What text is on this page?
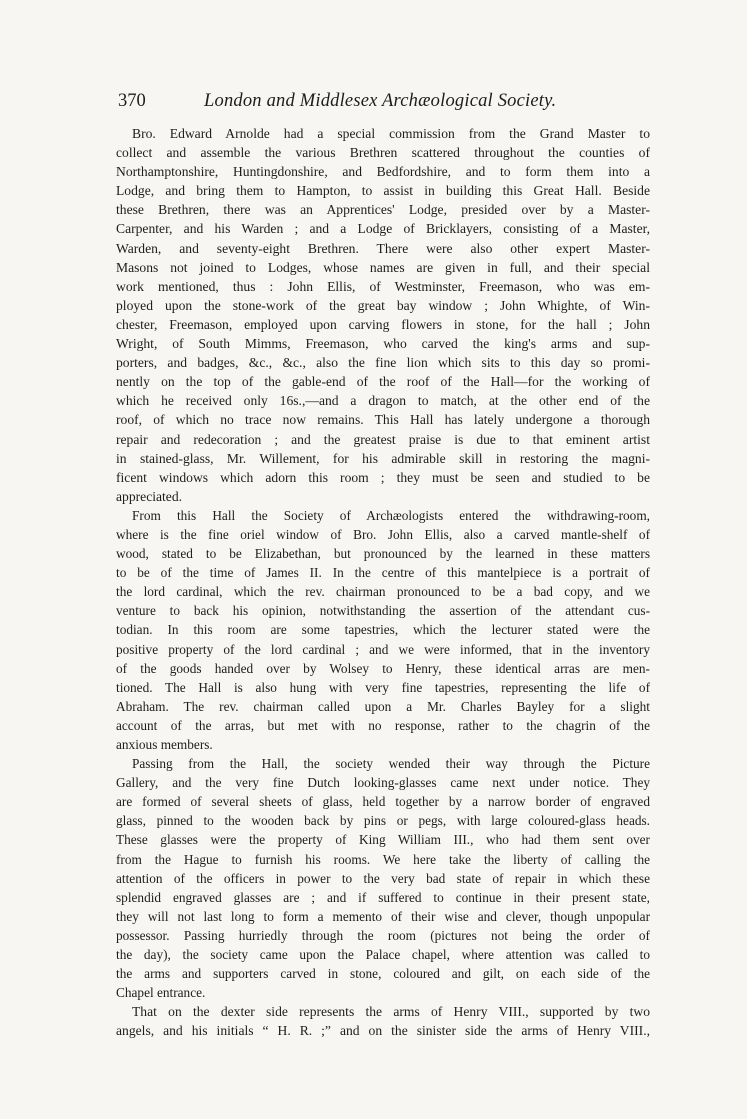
370	London and Middlesex Archæological Society.
Bro. Edward Arnolde had a special commission from the Grand Master to
collect and assemble the various Brethren scattered throughout the counties of
Northamptonshire, Huntingdonshire, and Bedfordshire, and to form them into a
Lodge, and bring them to Hampton, to assist in building this Great Hall. Beside
these Brethren, there was an Apprentices' Lodge, presided over by a Master-
Carpenter, and his Warden ; and a Lodge of Bricklayers, consisting of a Master,
Warden, and seventy-eight Brethren. There were also other expert Master-
Masons not joined to Lodges, whose names are given in full, and their special
work mentioned, thus : John Ellis, of Westminster, Freemason, who was em-
ployed upon the stone-work of the great bay window ; John Whighte, of Win-
chester, Freemason, employed upon carving flowers in stone, for the hall ; John
Wright, of South Mimms, Freemason, who carved the king's arms and sup-
porters, and badges, &c., &c., also the fine lion which sits to this day so promi-
nently on the top of the gable-end of the roof of the Hall—for the working of
which he received only 16s.,—and a dragon to match, at the other end of the
roof, of which no trace now remains. This Hall has lately undergone a thorough
repair and redecoration ; and the greatest praise is due to that eminent artist
in stained-glass, Mr. Willement, for his admirable skill in restoring the magni-
ficent windows which adorn this room ; they must be seen and studied to be
appreciated.
From this Hall the Society of Archæologists entered the withdrawing-room,
where is the fine oriel window of Bro. John Ellis, also a carved mantle-shelf of
wood, stated to be Elizabethan, but pronounced by the learned in these matters
to be of the time of James II. In the centre of this mantelpiece is a portrait of
the lord cardinal, which the rev. chairman pronounced to be a bad copy, and we
venture to back his opinion, notwithstanding the assertion of the attendant cus-
todian. In this room are some tapestries, which the lecturer stated were the
positive property of the lord cardinal ; and we were informed, that in the inventory
of the goods handed over by Wolsey to Henry, these identical arras are men-
tioned. The Hall is also hung with very fine tapestries, representing the life of
Abraham. The rev. chairman called upon a Mr. Charles Bayley for a slight
account of the arras, but met with no response, rather to the chagrin of the
anxious members.
Passing from the Hall, the society wended their way through the Picture
Gallery, and the very fine Dutch looking-glasses came next under notice. They
are formed of several sheets of glass, held together by a narrow border of engraved
glass, pinned to the wooden back by pins or pegs, with large coloured-glass heads.
These glasses were the property of King William III., who had them sent over
from the Hague to furnish his rooms. We here take the liberty of calling the
attention of the officers in power to the very bad state of repair in which these
splendid engraved glasses are ; and if suffered to continue in their present state,
they will not last long to form a memento of their wise and clever, though unpopular
possessor. Passing hurriedly through the room (pictures not being the order of
the day), the society came upon the Palace chapel, where attention was called to
the arms and supporters carved in stone, coloured and gilt, on each side of the
Chapel entrance.
That on the dexter side represents the arms of Henry VIII., supported by two
angels, and his initials “ H. R. ;” and on the sinister side the arms of Henry VIII.,
